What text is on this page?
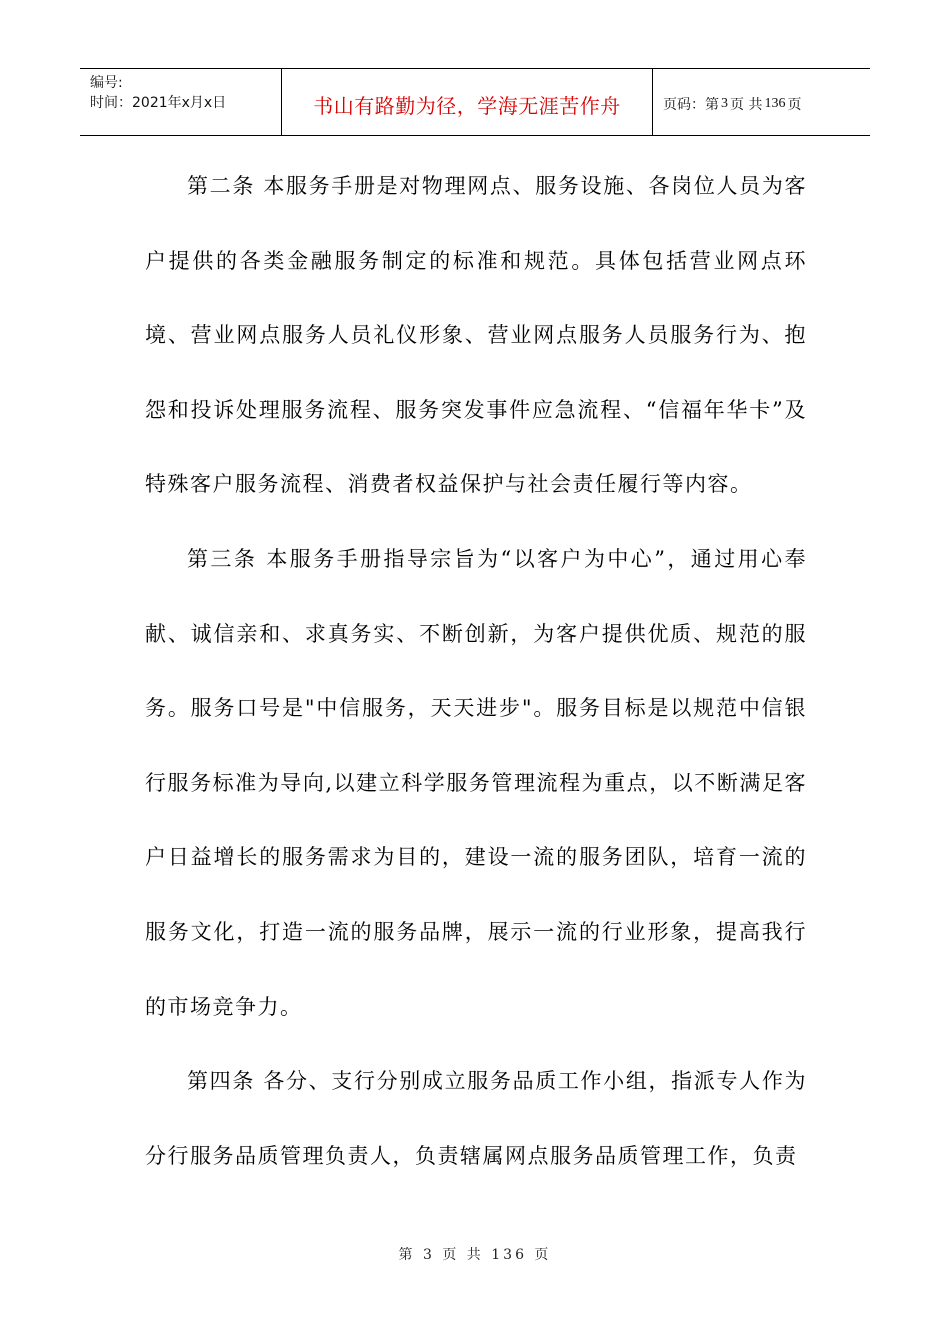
编号:
时间：2021年x月x日	书山有路勤为径，学海无涯苦作舟	页码：第 3 页 共 136 页

第二条 本服务手册是对物理网点、服务设施、各岗位人员为客户提供的各类金融服务制定的标准和规范。具体包括营业网点环境、营业网点服务人员礼仪形象、营业网点服务人员服务行为、抱怨和投诉处理服务流程、服务突发事件应急流程、“信福年华卡”及特殊客户服务流程、消费者权益保护与社会责任履行等内容。

第三条 本服务手册指导宗旨为“以客户为中心”，通过用心奉献、诚信亲和、求真务实、不断创新，为客户提供优质、规范的服务。服务口号是"中信服务，天天进步"。服务目标是以规范中信银行服务标准为导向,以建立科学服务管理流程为重点，以不断满足客户日益增长的服务需求为目的，建设一流的服务团队，培育一流的服务文化，打造一流的服务品牌，展示一流的行业形象，提高我行的市场竞争力。

第四条 各分、支行分别成立服务品质工作小组，指派专人作为分行服务品质管理负责人，负责辖属网点服务品质管理工作，负责

第 3 页 共 136 页
